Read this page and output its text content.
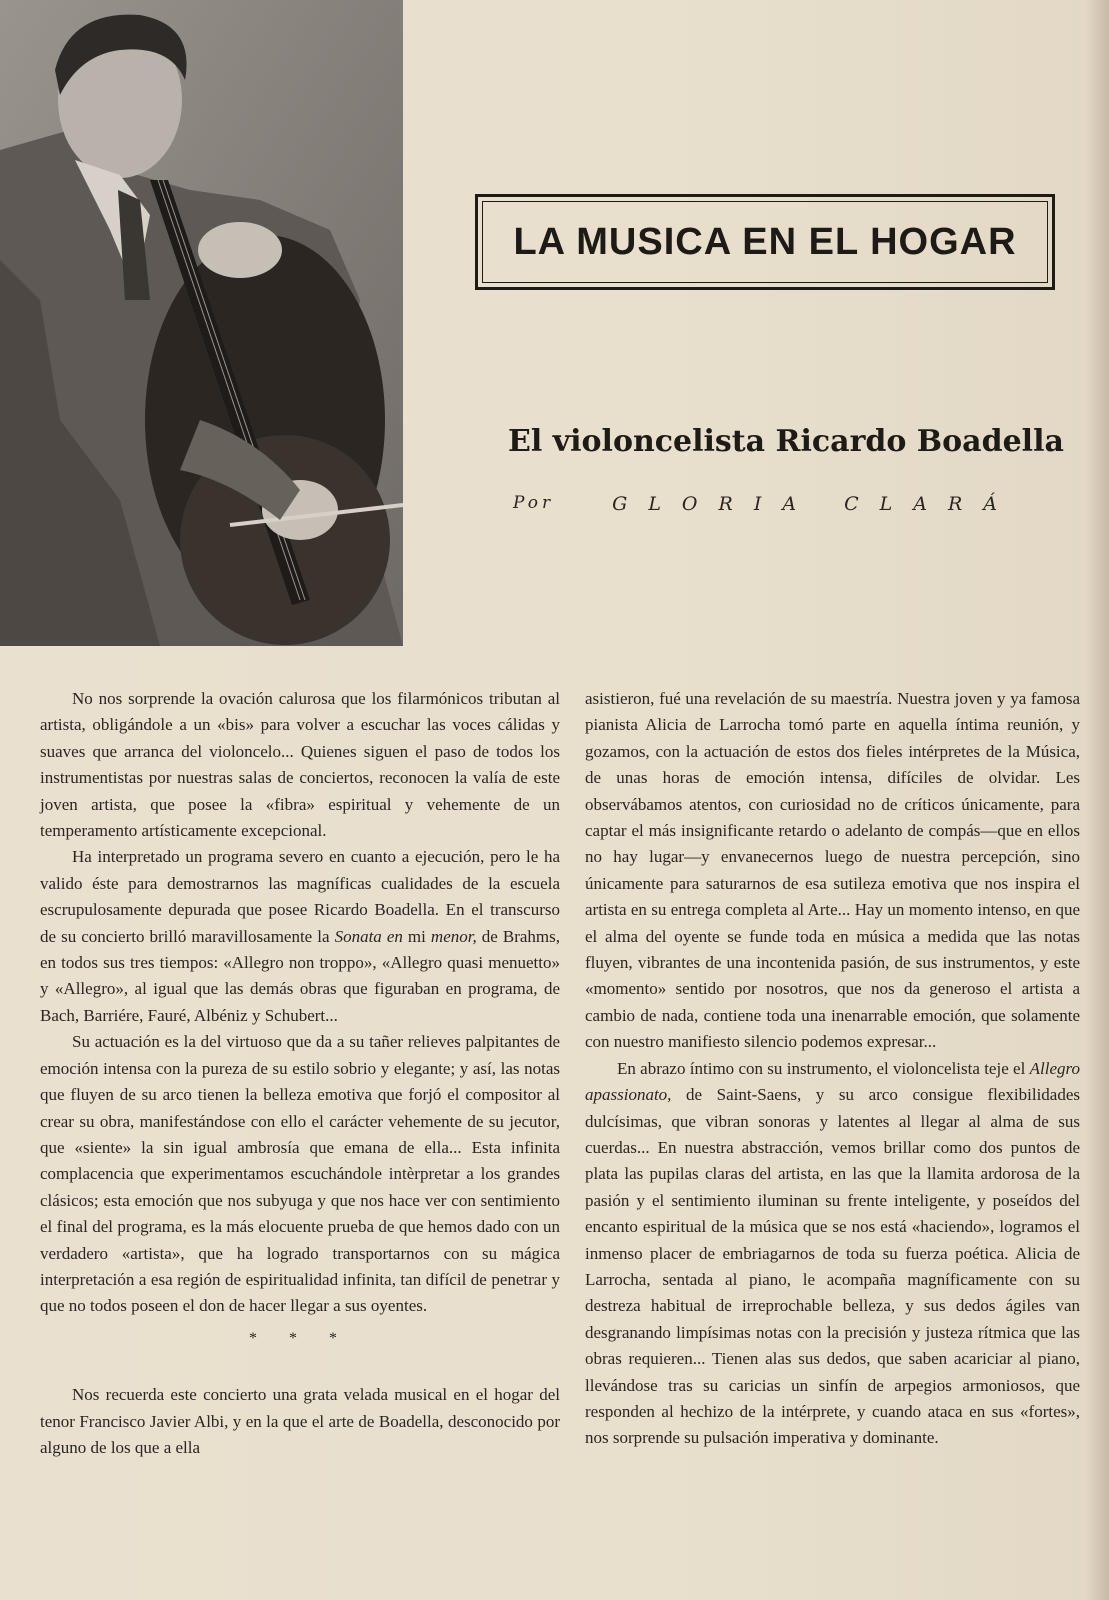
LA MUSICA EN EL HOGAR
El violoncelista Ricardo Boadella
Por	GLORIA CLARÁ

No nos sorprende la ovación calurosa que los filarmónicos tributan al artista, obligándole a un «bis» para volver a escuchar las voces cálidas y suaves que arranca del violoncelo... Quienes siguen el paso de todos los instrumentistas por nuestras salas de conciertos, reconocen la valía de este joven artista, que posee la «fibra» espiritual y vehemente de un temperamento artísticamente excepcional.

Ha interpretado un programa severo en cuanto a ejecución, pero le ha valido éste para demostrarnos las magníficas cualidades de la escuela escrupulosamente depurada que posee Ricardo Boadella. En el transcurso de su concierto brilló maravillosamente la Sonata en mi menor, de Brahms, en todos sus tres tiempos: «Allegro non troppo», «Allegro quasi menuetto» y «Allegro», al igual que las demás obras que figuraban en programa, de Bach, Barriére, Fauré, Albéniz y Schubert...

Su actuación es la del virtuoso que da a su tañer relieves palpitantes de emoción intensa con la pureza de su estilo sobrio y elegante; y así, las notas que fluyen de su arco tienen la belleza emotiva que forjó el compositor al crear su obra, manifestándose con ello el carácter vehemente de su jecutor, que «siente» la sin igual ambrosía que emana de ella... Esta infinita complacencia que experimentamos escuchándole intèrpretar a los grandes clásicos; esta emoción que nos subyuga y que nos hace ver con sentimiento el final del programa, es la más elocuente prueba de que hemos dado con un verdadero «artista», que ha logrado transportarnos con su mágica interpretación a esa región de espiritualidad infinita, tan difícil de penetrar y que no todos poseen el don de hacer llegar a sus oyentes.

* * *

Nos recuerda este concierto una grata velada musical en el hogar del tenor Francisco Javier Albi, y en la que el arte de Boadella, desconocido por alguno de los que a ella

asistieron, fué una revelación de su maestría. Nuestra joven y ya famosa pianista Alicia de Larrocha tomó parte en aquella íntima reunión, y gozamos, con la actuación de estos dos fieles intérpretes de la Música, de unas horas de emoción intensa, difíciles de olvidar. Les observábamos atentos, con curiosidad no de críticos únicamente, para captar el más insignificante retardo o adelanto de compás—que en ellos no hay lugar—y envanecernos luego de nuestra percepción, sino únicamente para saturarnos de esa sutileza emotiva que nos inspira el artista en su entrega completa al Arte... Hay un momento intenso, en que el alma del oyente se funde toda en música a medida que las notas fluyen, vibrantes de una incontenida pasión, de sus instrumentos, y este «momento» sentido por nosotros, que nos da generoso el artista a cambio de nada, contiene toda una inenarrable emoción, que solamente con nuestro manifiesto silencio podemos expresar...

En abrazo íntimo con su instrumento, el violoncelista teje el Allegro apassionato, de Saint-Saens, y su arco consigue flexibilidades dulcísimas, que vibran sonoras y latentes al llegar al alma de sus cuerdas... En nuestra abstracción, vemos brillar como dos puntos de plata las pupilas claras del artista, en las que la llamita ardorosa de la pasión y el sentimiento iluminan su frente inteligente, y poseídos del encanto espiritual de la música que se nos está «haciendo», logramos el inmenso placer de embriagarnos de toda su fuerza poética. Alicia de Larrocha, sentada al piano, le acompaña magníficamente con su destreza habitual de irreprochable belleza, y sus dedos ágiles van desgranando limpísimas notas con la precisión y justeza rítmica que las obras requieren... Tienen alas sus dedos, que saben acariciar al piano, llevándose tras su caricias un sinfín de arpegios armoniosos, que responden al hechizo de la intérprete, y cuando ataca en sus «fortes», nos sorprende su pulsación imperativa y dominante.
